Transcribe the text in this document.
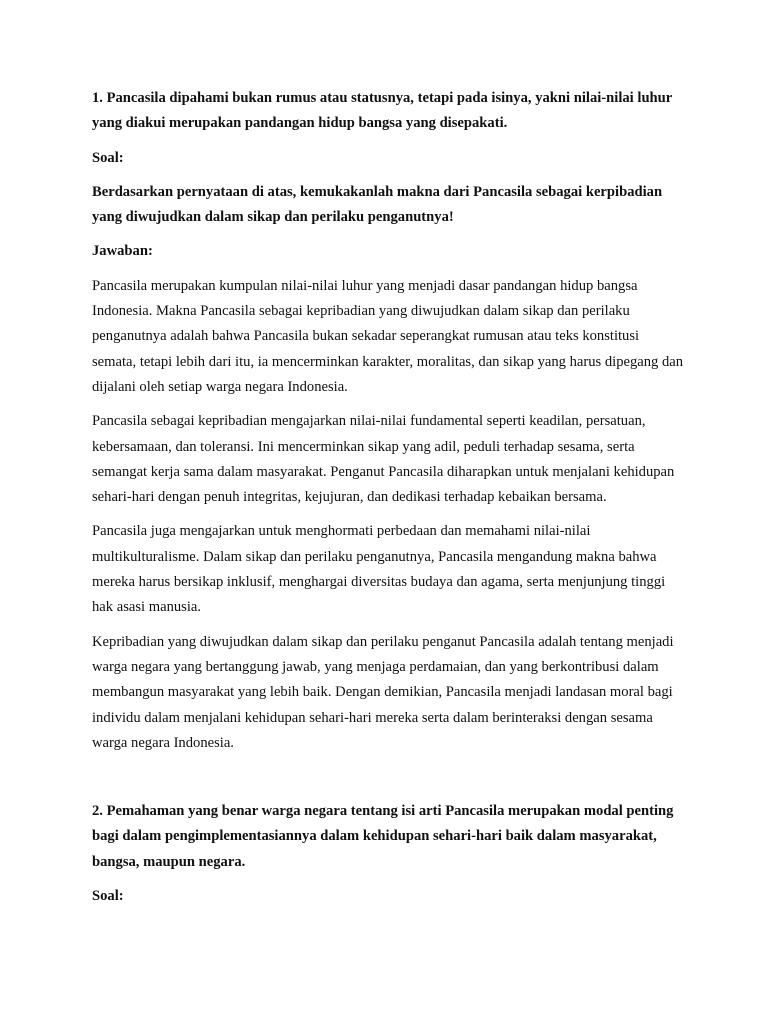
1. Pancasila dipahami bukan rumus atau statusnya, tetapi pada isinya, yakni nilai-nilai luhur yang diakui merupakan pandangan hidup bangsa yang disepakati.

Soal:

Berdasarkan pernyataan di atas, kemukakanlah makna dari Pancasila sebagai kerpibadian yang diwujudkan dalam sikap dan perilaku penganutnya!

Jawaban:

Pancasila merupakan kumpulan nilai-nilai luhur yang menjadi dasar pandangan hidup bangsa Indonesia. Makna Pancasila sebagai kepribadian yang diwujudkan dalam sikap dan perilaku penganutnya adalah bahwa Pancasila bukan sekadar seperangkat rumusan atau teks konstitusi semata, tetapi lebih dari itu, ia mencerminkan karakter, moralitas, dan sikap yang harus dipegang dan dijalani oleh setiap warga negara Indonesia.

Pancasila sebagai kepribadian mengajarkan nilai-nilai fundamental seperti keadilan, persatuan, kebersamaan, dan toleransi. Ini mencerminkan sikap yang adil, peduli terhadap sesama, serta semangat kerja sama dalam masyarakat. Penganut Pancasila diharapkan untuk menjalani kehidupan sehari-hari dengan penuh integritas, kejujuran, dan dedikasi terhadap kebaikan bersama.

Pancasila juga mengajarkan untuk menghormati perbedaan dan memahami nilai-nilai multikulturalisme. Dalam sikap dan perilaku penganutnya, Pancasila mengandung makna bahwa mereka harus bersikap inklusif, menghargai diversitas budaya dan agama, serta menjunjung tinggi hak asasi manusia.

Kepribadian yang diwujudkan dalam sikap dan perilaku penganut Pancasila adalah tentang menjadi warga negara yang bertanggung jawab, yang menjaga perdamaian, dan yang berkontribusi dalam membangun masyarakat yang lebih baik. Dengan demikian, Pancasila menjadi landasan moral bagi individu dalam menjalani kehidupan sehari-hari mereka serta dalam berinteraksi dengan sesama warga negara Indonesia.

2. Pemahaman yang benar warga negara tentang isi arti Pancasila merupakan modal penting bagi dalam pengimplementasiannya dalam kehidupan sehari-hari baik dalam masyarakat, bangsa, maupun negara.

Soal:
